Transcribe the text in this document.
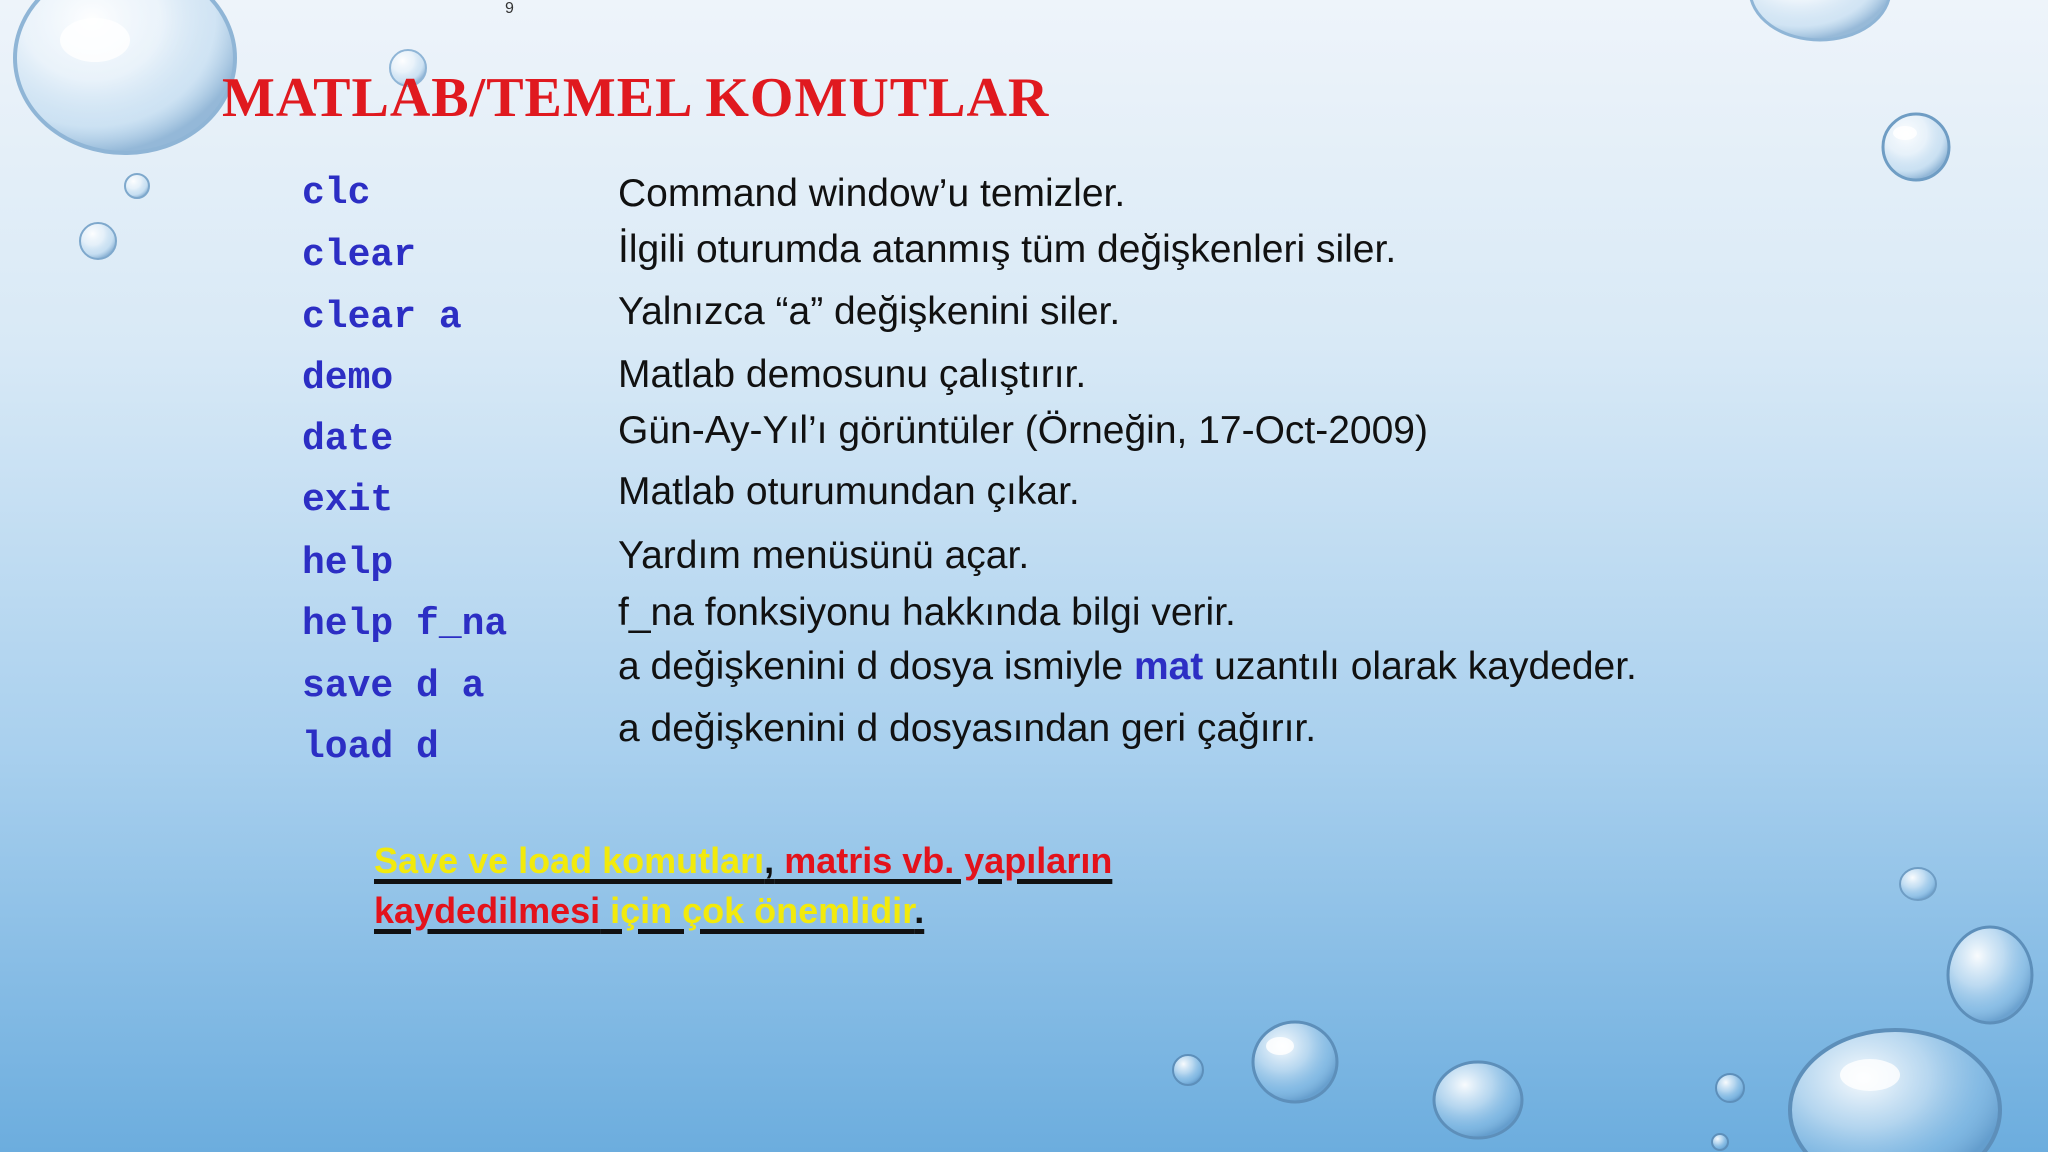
9
MATLAB/TEMEL KOMUTLAR
clc	Command window’u temizler.
clear	İlgili oturumda atanmış tüm değişkenleri siler.
clear a	Yalnızca “a” değişkenini siler.
demo	Matlab demosunu çalıştırır.
date	Gün-Ay-Yıl’ı görüntüler (Örneğin, 17-Oct-2009)
exit	Matlab oturumundan çıkar.
help	Yardım menüsünü açar.
help f_na	f_na fonksiyonu hakkında bilgi verir.
save d a	a değişkenini d dosya ismiyle mat uzantılı olarak kaydeder.
load d	a değişkenini d dosyasından geri çağırır.
Save ve load komutları, matris vb. yapıların
kaydedilmesi için çok önemlidir.
